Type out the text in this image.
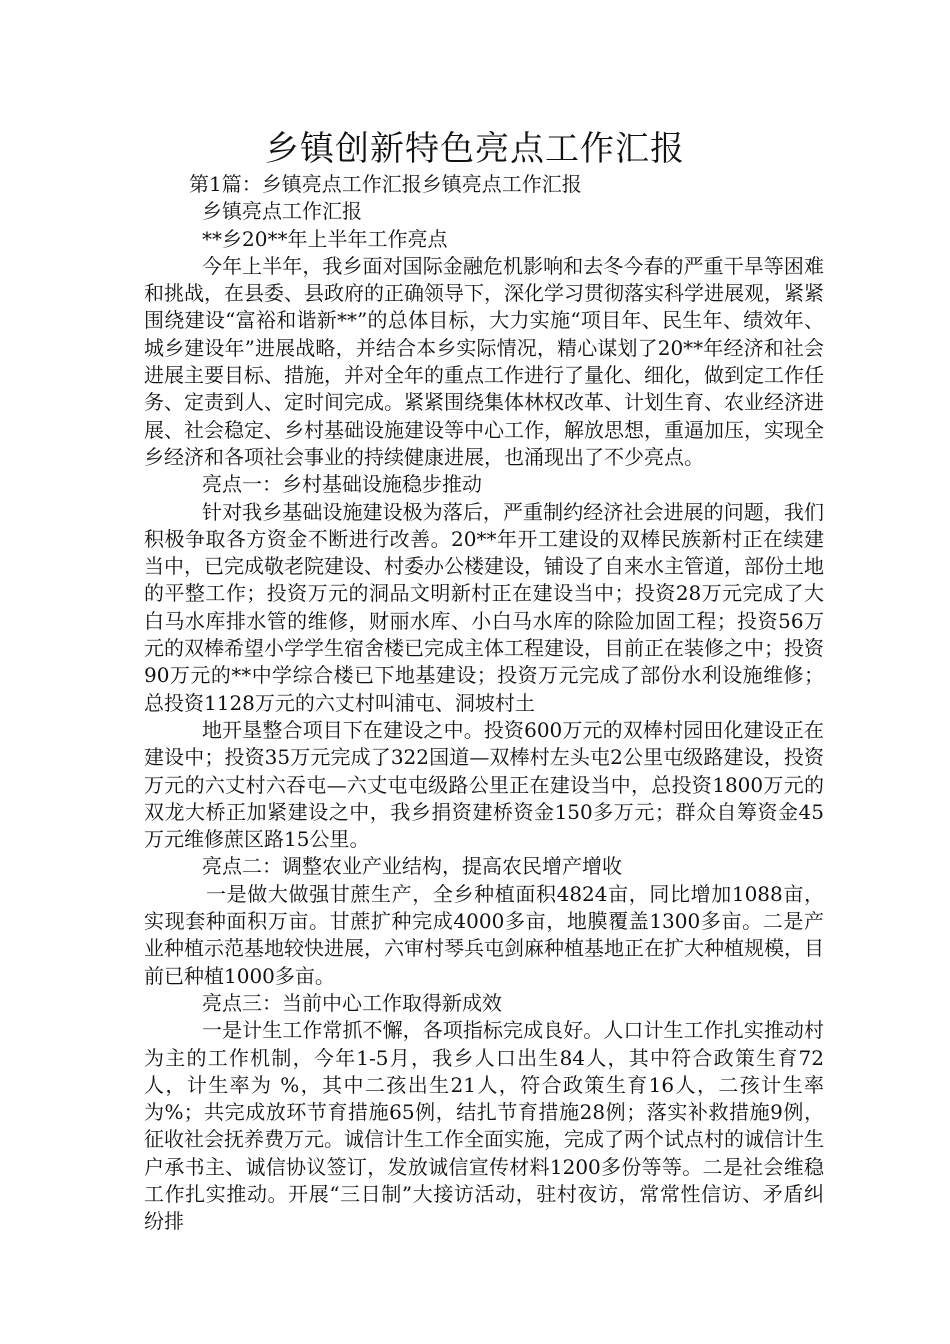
乡镇创新特色亮点工作汇报

第1篇：乡镇亮点工作汇报乡镇亮点工作汇报

乡镇亮点工作汇报

**乡20**年上半年工作亮点

今年上半年，我乡面对国际金融危机影响和去冬今春的严重干旱等困难和挑战，在县委、县政府的正确领导下，深化学习贯彻落实科学进展观，紧紧围绕建设“富裕和谐新**”的总体目标，大力实施“项目年、民生年、绩效年、城乡建设年”进展战略，并结合本乡实际情况，精心谋划了20**年经济和社会进展主要目标、措施，并对全年的重点工作进行了量化、细化，做到定工作任务、定责到人、定时间完成。紧紧围绕集体林权改革、计划生育、农业经济进展、社会稳定、乡村基础设施建设等中心工作，解放思想，重逼加压，实现全乡经济和各项社会事业的持续健康进展，也涌现出了不少亮点。

亮点一：乡村基础设施稳步推动

针对我乡基础设施建设极为落后，严重制约经济社会进展的问题，我们积极争取各方资金不断进行改善。20**年开工建设的双棒民族新村正在续建当中，已完成敬老院建设、村委办公楼建设，铺设了自来水主管道，部份土地的平整工作；投资万元的洞品文明新村正在建设当中；投资28万元完成了大白马水库排水管的维修，财丽水库、小白马水库的除险加固工程；投资56万元的双棒希望小学学生宿舍楼已完成主体工程建设，目前正在装修之中；投资90万元的**中学综合楼已下地基建设；投资万元完成了部份水利设施维修；总投资1128万元的六丈村叫浦屯、洞坡村土

地开垦整合项目下在建设之中。投资600万元的双棒村园田化建设正在建设中；投资35万元完成了322国道—双棒村左头屯2公里屯级路建设，投资万元的六丈村六吞屯—六丈屯屯级路公里正在建设当中，总投资1800万元的双龙大桥正加紧建设之中，我乡捐资建桥资金150多万元；群众自筹资金45万元维修蔗区路15公里。

亮点二：调整农业产业结构，提高农民增产增收

一是做大做强甘蔗生产，全乡种植面积4824亩，同比增加1088亩，实现套种面积万亩。甘蔗扩种完成4000多亩，地膜覆盖1300多亩。二是产业种植示范基地较快进展，六审村琴兵屯剑麻种植基地正在扩大种植规模，目前已种植1000多亩。

亮点三：当前中心工作取得新成效

一是计生工作常抓不懈，各项指标完成良好。人口计生工作扎实推动村为主的工作机制，今年1-5月，我乡人口出生84人，其中符合政策生育72人，计生率为 %，其中二孩出生21人，符合政策生育16人，二孩计生率为%；共完成放环节育措施65例，结扎节育措施28例；落实补救措施9例，征收社会抚养费万元。诚信计生工作全面实施，完成了两个试点村的诚信计生户承书主、诚信协议签订，发放诚信宣传材料1200多份等等。二是社会维稳工作扎实推动。开展“三日制”大接访活动，驻村夜访，常常性信访、矛盾纠纷排
